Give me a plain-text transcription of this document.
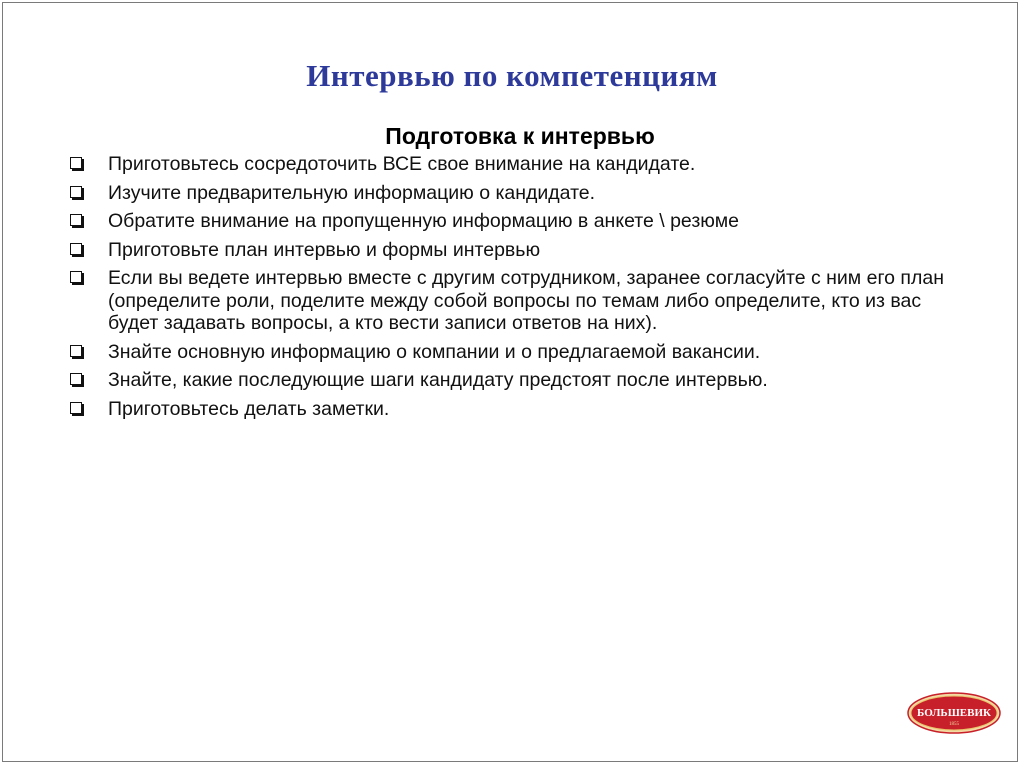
Интервью по компетенциям
Подготовка к интервью
Приготовьтесь сосредоточить ВСЕ свое внимание на кандидате.
Изучите предварительную информацию о кандидате.
Обратите внимание на пропущенную информацию в анкете \ резюме
Приготовьте план интервью и формы интервью
Если вы ведете интервью вместе с другим сотрудником, заранее согласуйте с ним его план (определите роли, поделите между собой вопросы по темам либо определите, кто из вас будет задавать вопросы, а кто вести записи ответов на них).
Знайте основную информацию о компании и о предлагаемой вакансии.
Знайте, какие последующие шаги кандидату предстоят после интервью.
Приготовьтесь делать заметки.
БОЛЬШЕВИК
1855
